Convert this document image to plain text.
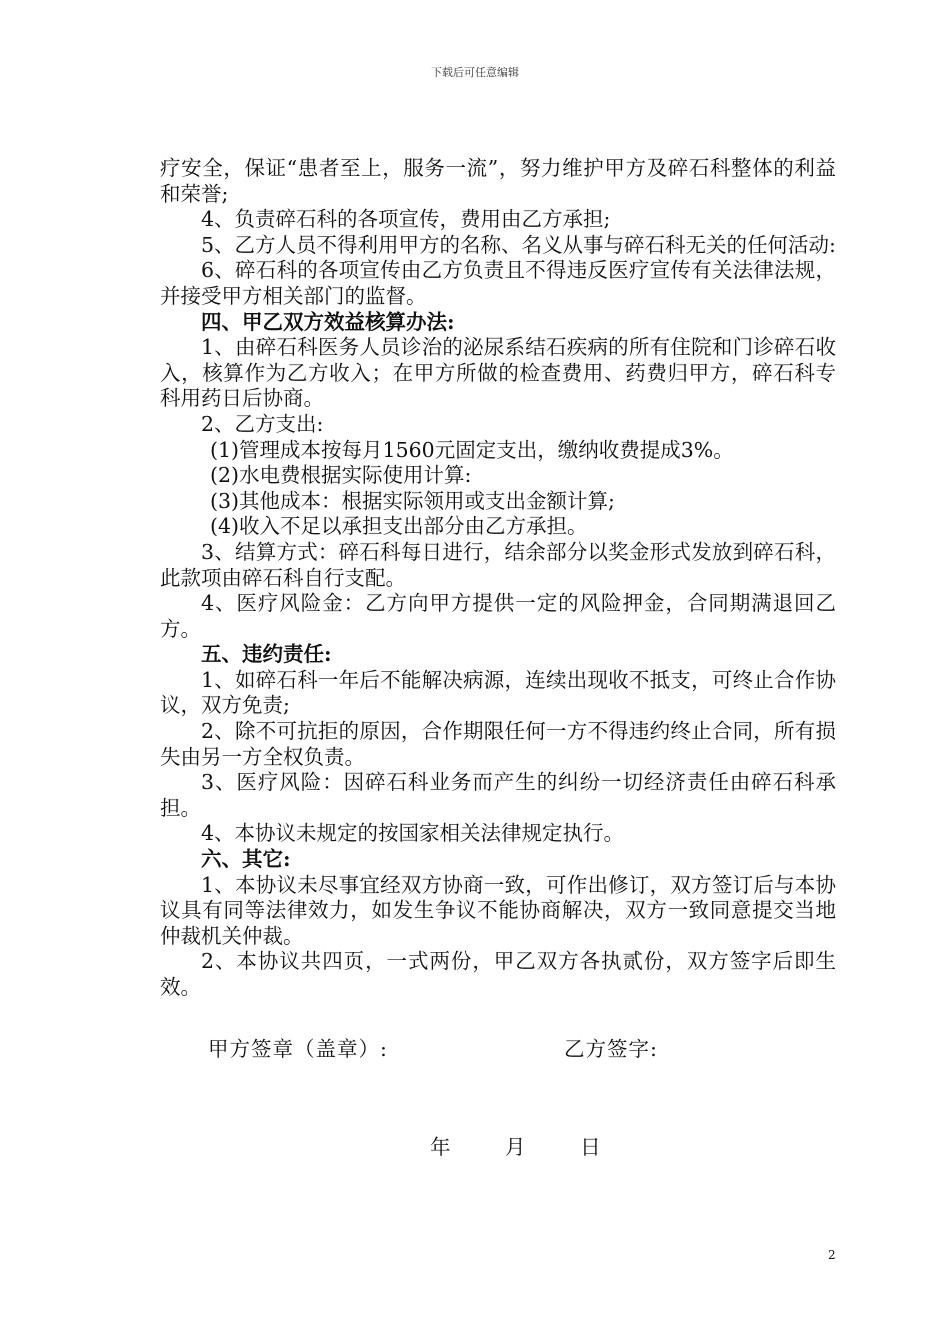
下载后可任意编辑

疗安全，保证“患者至上，服务一流”，努力维护甲方及碎石科整体的利益和荣誉;

4、负责碎石科的各项宣传，费用由乙方承担;

5、乙方人员不得利用甲方的名称、名义从事与碎石科无关的任何活动:

6、碎石科的各项宣传由乙方负责且不得违反医疗宣传有关法律法规，并接受甲方相关部门的监督。

四、甲乙双方效益核算办法:

1、由碎石科医务人员诊治的泌尿系结石疾病的所有住院和门诊碎石收入，核算作为乙方收入；在甲方所做的检查费用、药费归甲方，碎石科专科用药日后协商。

2、乙方支出:

(1)管理成本按每月1560元固定支出，缴纳收费提成3%。

(2)水电费根据实际使用计算:

(3)其他成本：根据实际领用或支出金额计算;

(4)收入不足以承担支出部分由乙方承担。

3、结算方式：碎石科每日进行，结余部分以奖金形式发放到碎石科，此款项由碎石科自行支配。

4、医疗风险金：乙方向甲方提供一定的风险押金，合同期满退回乙方。

五、违约责任:

1、如碎石科一年后不能解决病源，连续出现收不抵支，可终止合作协议，双方免责;

2、除不可抗拒的原因，合作期限任何一方不得违约终止合同，所有损失由另一方全权负责。

3、医疗风险：因碎石科业务而产生的纠纷一切经济责任由碎石科承担。

4、本协议未规定的按国家相关法律规定执行。

六、其它:

1、本协议未尽事宜经双方协商一致，可作出修订，双方签订后与本协议具有同等法律效力，如发生争议不能协商解决，双方一致同意提交当地仲裁机关仲裁。

2、本协议共四页，一式两份，甲乙双方各执贰份，双方签字后即生效。

甲方签章（盖章）:	乙方签字:
年	月	日
2
